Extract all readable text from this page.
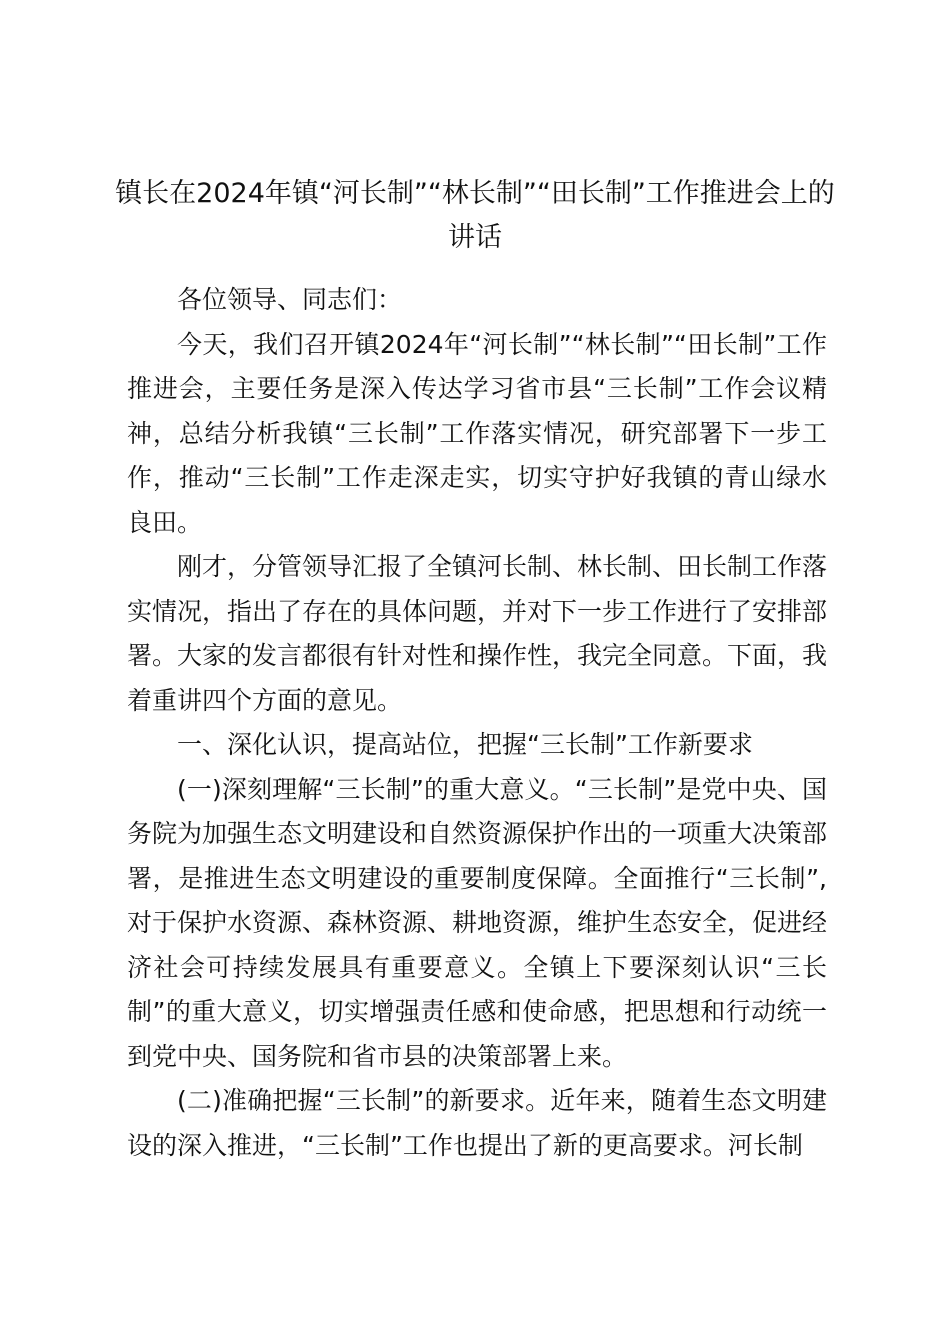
镇长在2024年镇“河长制”“林长制”“田长制”工作推进会上的讲话

各位领导、同志们：

今天，我们召开镇2024年“河长制”“林长制”“田长制”工作推进会，主要任务是深入传达学习省市县“三长制”工作会议精神，总结分析我镇“三长制”工作落实情况，研究部署下一步工作，推动“三长制”工作走深走实，切实守护好我镇的青山绿水良田。

刚才，分管领导汇报了全镇河长制、林长制、田长制工作落实情况，指出了存在的具体问题，并对下一步工作进行了安排部署。大家的发言都很有针对性和操作性，我完全同意。下面，我着重讲四个方面的意见。

一、深化认识，提高站位，把握“三长制”工作新要求

(一)深刻理解“三长制”的重大意义。“三长制”是党中央、国务院为加强生态文明建设和自然资源保护作出的一项重大决策部署，是推进生态文明建设的重要制度保障。全面推行“三长制”,对于保护水资源、森林资源、耕地资源，维护生态安全，促进经济社会可持续发展具有重要意义。全镇上下要深刻认识“三长制”的重大意义，切实增强责任感和使命感，把思想和行动统一到党中央、国务院和省市县的决策部署上来。

(二)准确把握“三长制”的新要求。近年来，随着生态文明建设的深入推进，“三长制”工作也提出了新的更高要求。河长制
